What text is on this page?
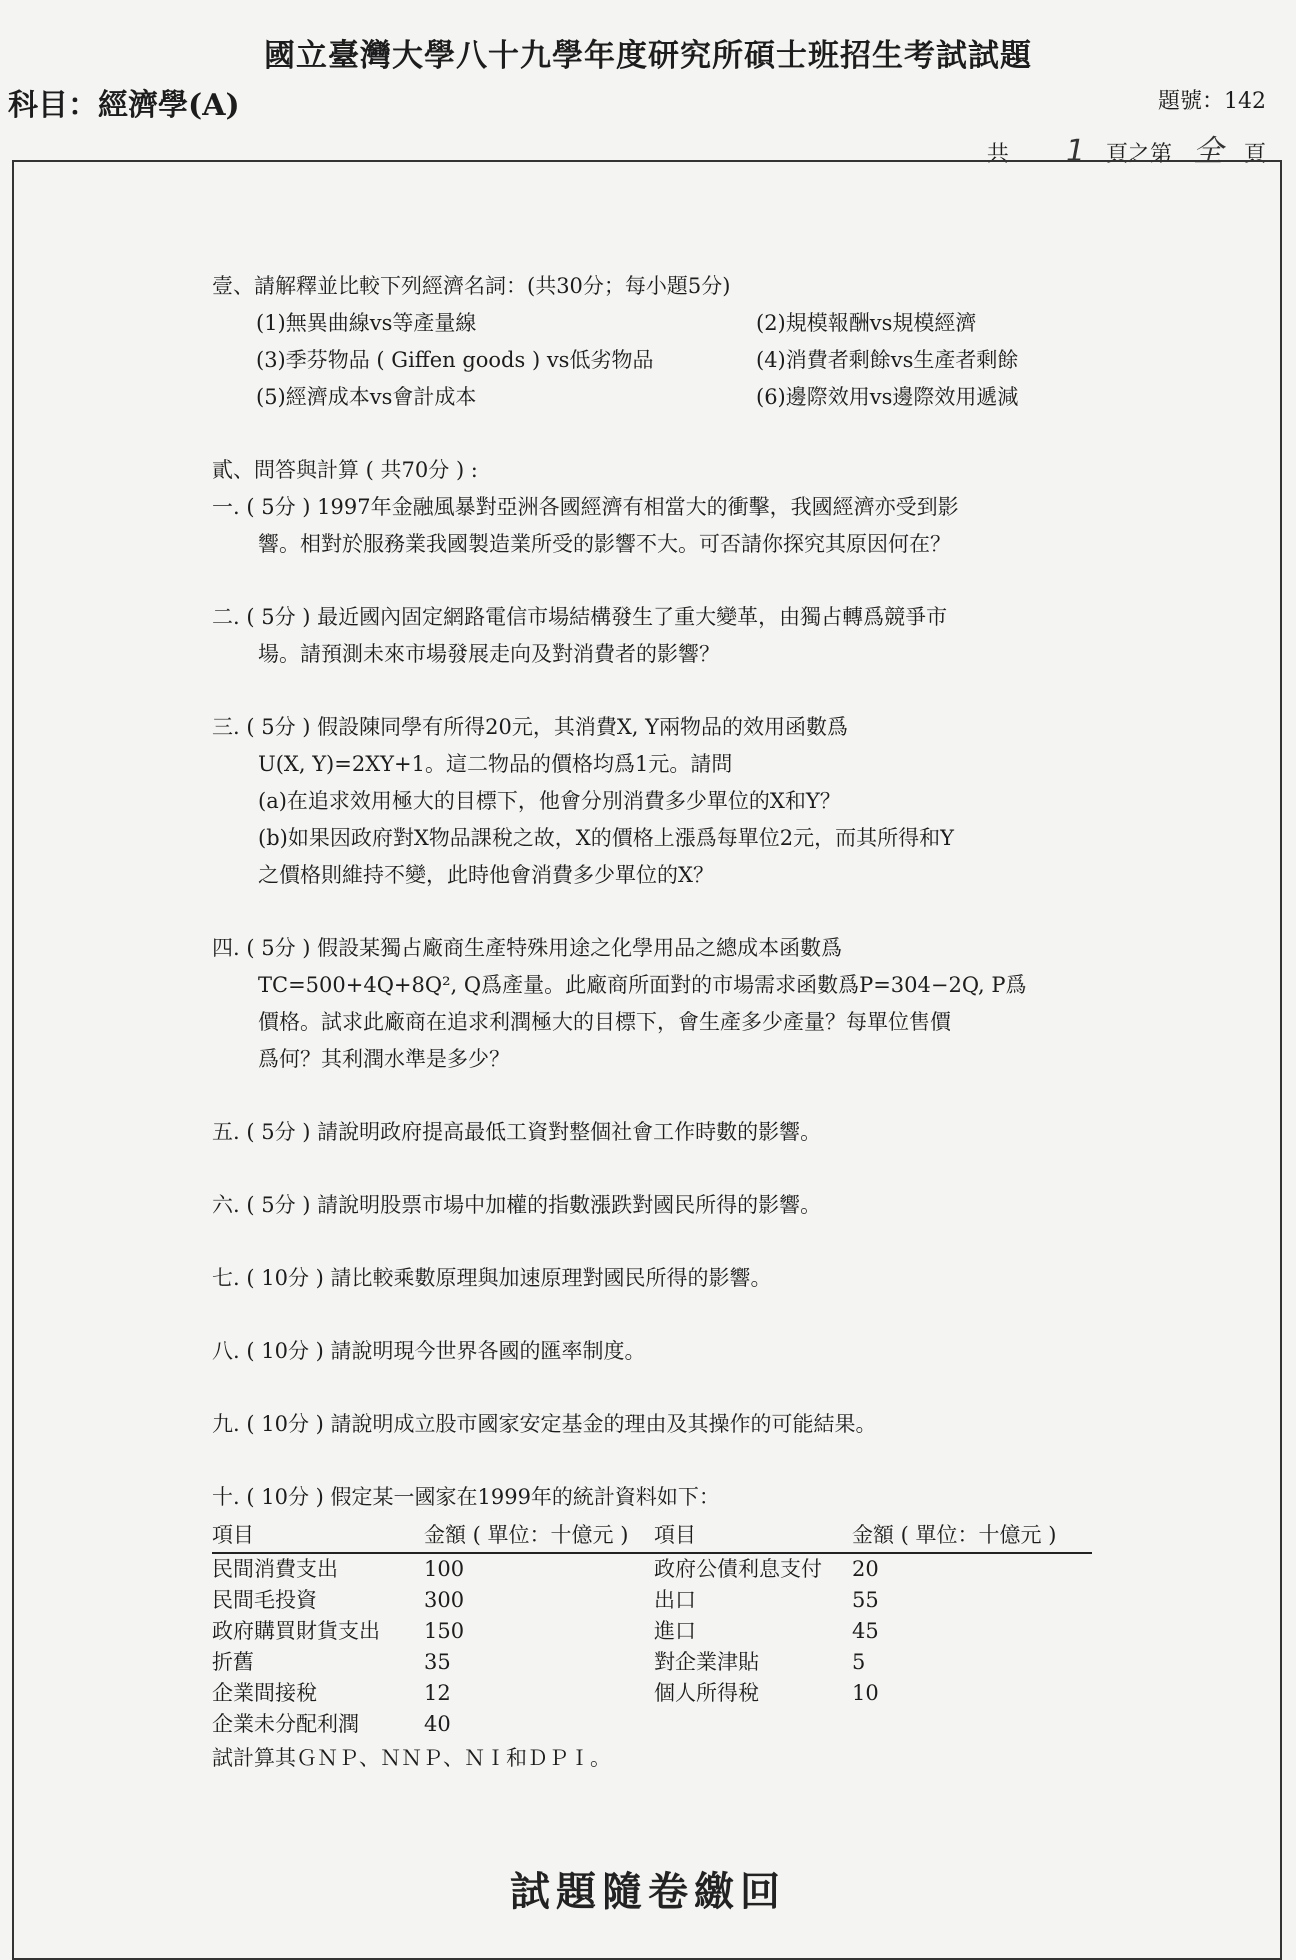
國立臺灣大學八十九學年度研究所碩士班招生考試試題
科目：經濟學(A)	題號：142
共 1 頁之第 全 頁
壹、請解釋並比較下列經濟名詞：(共30分；每小題5分)
(1)無異曲線vs等產量線	(2)規模報酬vs規模經濟
(3)季芬物品 ( Giffen goods ) vs低劣物品	(4)消費者剩餘vs生產者剩餘
(5)經濟成本vs會計成本	(6)邊際效用vs邊際效用遞減
貳、問答與計算 ( 共70分 ) :
一. ( 5分 ) 1997年金融風暴對亞洲各國經濟有相當大的衝擊，我國經濟亦受到影
響。相對於服務業我國製造業所受的影響不大。可否請你探究其原因何在？
二. ( 5分 ) 最近國內固定網路電信市場結構發生了重大變革，由獨占轉爲競爭市
場。請預測未來市場發展走向及對消費者的影響？
三. ( 5分 ) 假設陳同學有所得20元，其消費X, Y兩物品的效用函數爲
U(X, Y)=2XY+1。這二物品的價格均爲1元。請問
(a)在追求效用極大的目標下，他會分別消費多少單位的X和Y？
(b)如果因政府對X物品課稅之故，X的價格上漲爲每單位2元，而其所得和Y
之價格則維持不變，此時他會消費多少單位的X？
四. ( 5分 ) 假設某獨占廠商生產特殊用途之化學用品之總成本函數爲
TC=500+4Q+8Q², Q爲產量。此廠商所面對的市場需求函數爲P=304−2Q, P爲
價格。試求此廠商在追求利潤極大的目標下，會生產多少產量？每單位售價
爲何？其利潤水準是多少？
五. ( 5分 ) 請說明政府提高最低工資對整個社會工作時數的影響。
六. ( 5分 ) 請說明股票市場中加權的指數漲跌對國民所得的影響。
七. ( 10分 ) 請比較乘數原理與加速原理對國民所得的影響。
八. ( 10分 ) 請說明現今世界各國的匯率制度。
九. ( 10分 ) 請說明成立股市國家安定基金的理由及其操作的可能結果。
十. ( 10分 ) 假定某一國家在1999年的統計資料如下：
項目	金額 ( 單位：十億元 )	項目	金額 ( 單位：十億元 )
民間消費支出	100	政府公債利息支付	20
民間毛投資	300	出口	55
政府購買財貨支出	150	進口	45
折舊	35	對企業津貼	5
企業間接稅	12	個人所得稅	10
企業未分配利潤	40		
試計算其ＧＮＰ、ＮＮＰ、ＮＩ和ＤＰＩ。
試題隨卷繳回
